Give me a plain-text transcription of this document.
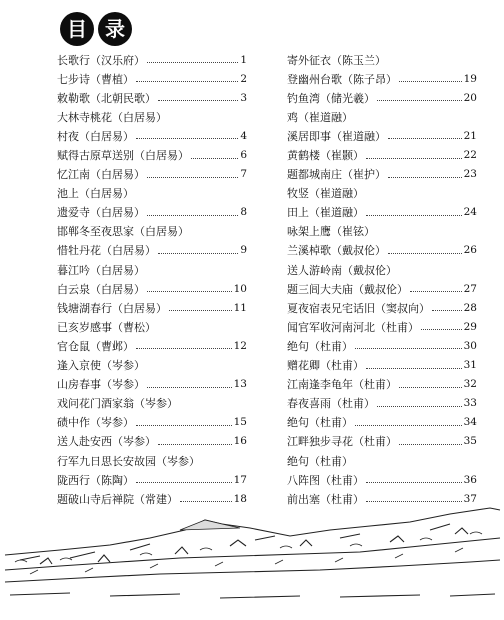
目 录
长歌行（汉乐府）	1
七步诗（曹植）	2
敕勒歌（北朝民歌）	3
大林寺桃花（白居易）
村夜（白居易）	4
赋得古原草送别（白居易）	6
忆江南（白居易）	7
池上（白居易）
遗爱寺（白居易）	8
邯郸冬至夜思家（白居易）
惜牡丹花（白居易）	9
暮江吟（白居易）
白云泉（白居易）	10
钱塘湖春行（白居易）	11
已亥岁感事（曹松）
官仓鼠（曹邺）	12
逢入京使（岑参）
山房春事（岑参）	13
戏问花门酒家翁（岑参）
碛中作（岑参）	15
送人赴安西（岑参）	16
行军九日思长安故园（岑参）
陇西行（陈陶）	17
题破山寺后禅院（常建）	18
寄外征衣（陈玉兰）
登幽州台歌（陈子昂）	19
钓鱼湾（储光羲）	20
鸡（崔道融）
溪居即事（崔道融）	21
黄鹤楼（崔颢）	22
题都城南庄（崔护）	23
牧竖（崔道融）
田上（崔道融）	24
咏架上鹰（崔铉）
兰溪棹歌（戴叔伦）	26
送人游岭南（戴叔伦）
题三闾大夫庙（戴叔伦）	27
夏夜宿表兄宅话旧（窦叔向）	28
闻官军收河南河北（杜甫）	29
绝句（杜甫）	30
赠花卿（杜甫）	31
江南逢李龟年（杜甫）	32
春夜喜雨（杜甫）	33
绝句（杜甫）	34
江畔独步寻花（杜甫）	35
绝句（杜甫）
八阵图（杜甫）	36
前出塞（杜甫）	37
